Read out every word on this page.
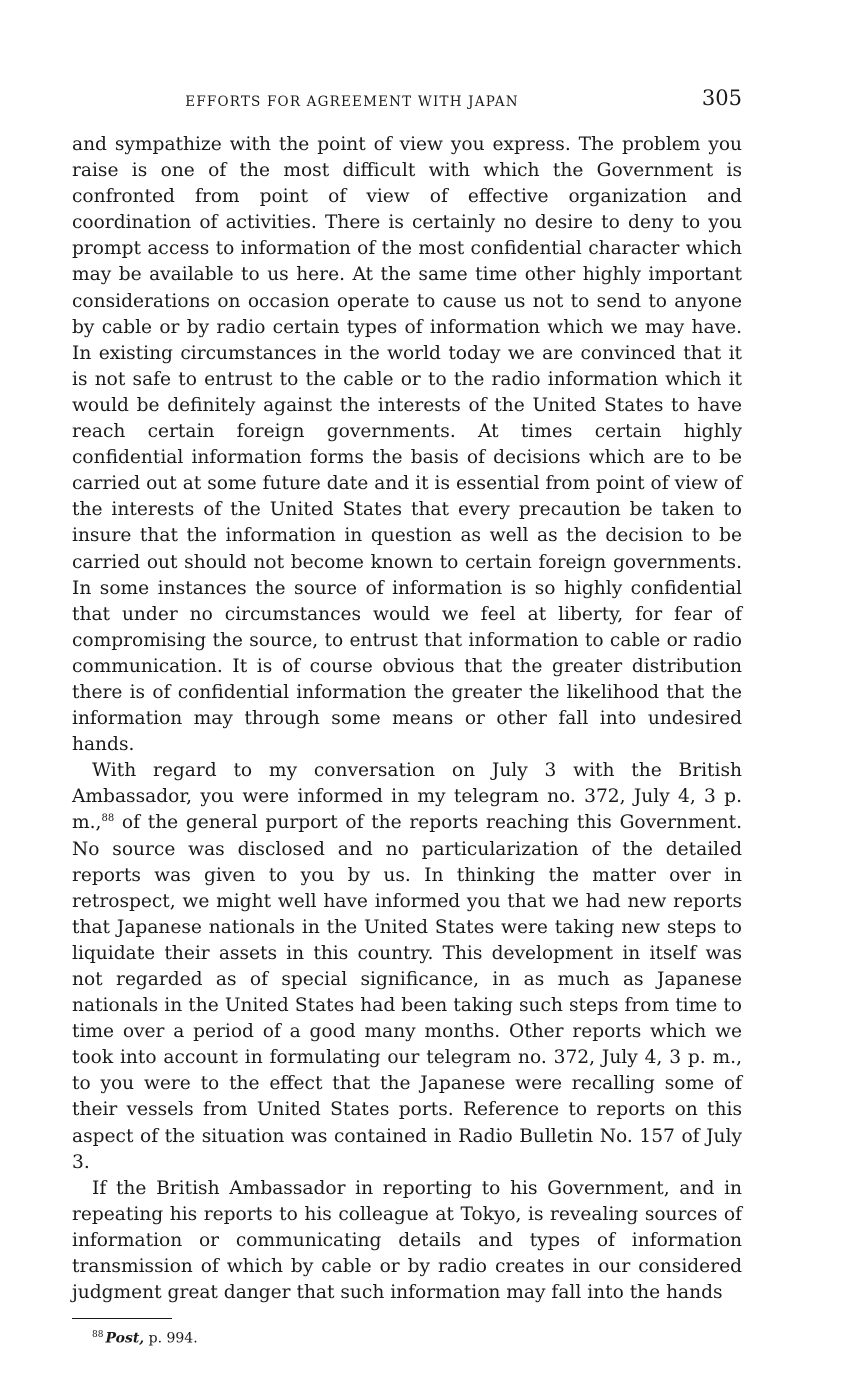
EFFORTS FOR AGREEMENT WITH JAPAN	305

and sympathize with the point of view you express. The problem you raise is one of the most difficult with which the Government is confronted from point of view of effective organization and coordination of activities. There is certainly no desire to deny to you prompt access to information of the most confidential character which may be available to us here. At the same time other highly important considerations on occasion operate to cause us not to send to anyone by cable or by radio certain types of information which we may have. In existing circumstances in the world today we are convinced that it is not safe to entrust to the cable or to the radio information which it would be definitely against the interests of the United States to have reach certain foreign governments. At times certain highly confidential information forms the basis of decisions which are to be carried out at some future date and it is essential from point of view of the interests of the United States that every precaution be taken to insure that the information in question as well as the decision to be carried out should not become known to certain foreign governments. In some instances the source of information is so highly confidential that under no circumstances would we feel at liberty, for fear of compromising the source, to entrust that information to cable or radio communication. It is of course obvious that the greater distribution there is of confidential information the greater the likelihood that the information may through some means or other fall into undesired hands.

With regard to my conversation on July 3 with the British Ambassador, you were informed in my telegram no. 372, July 4, 3 p. m.,$^{88}$ of the general purport of the reports reaching this Government. No source was disclosed and no particularization of the detailed reports was given to you by us. In thinking the matter over in retrospect, we might well have informed you that we had new reports that Japanese nationals in the United States were taking new steps to liquidate their assets in this country. This development in itself was not regarded as of special significance, in as much as Japanese nationals in the United States had been taking such steps from time to time over a period of a good many months. Other reports which we took into account in formulating our telegram no. 372, July 4, 3 p. m., to you were to the effect that the Japanese were recalling some of their vessels from United States ports. Reference to reports on this aspect of the situation was contained in Radio Bulletin No. 157 of July 3.

If the British Ambassador in reporting to his Government, and in repeating his reports to his colleague at Tokyo, is revealing sources of information or communicating details and types of information transmission of which by cable or by radio creates in our considered judgment great danger that such information may fall into the hands

$^{88}$ Post, p. 994.
